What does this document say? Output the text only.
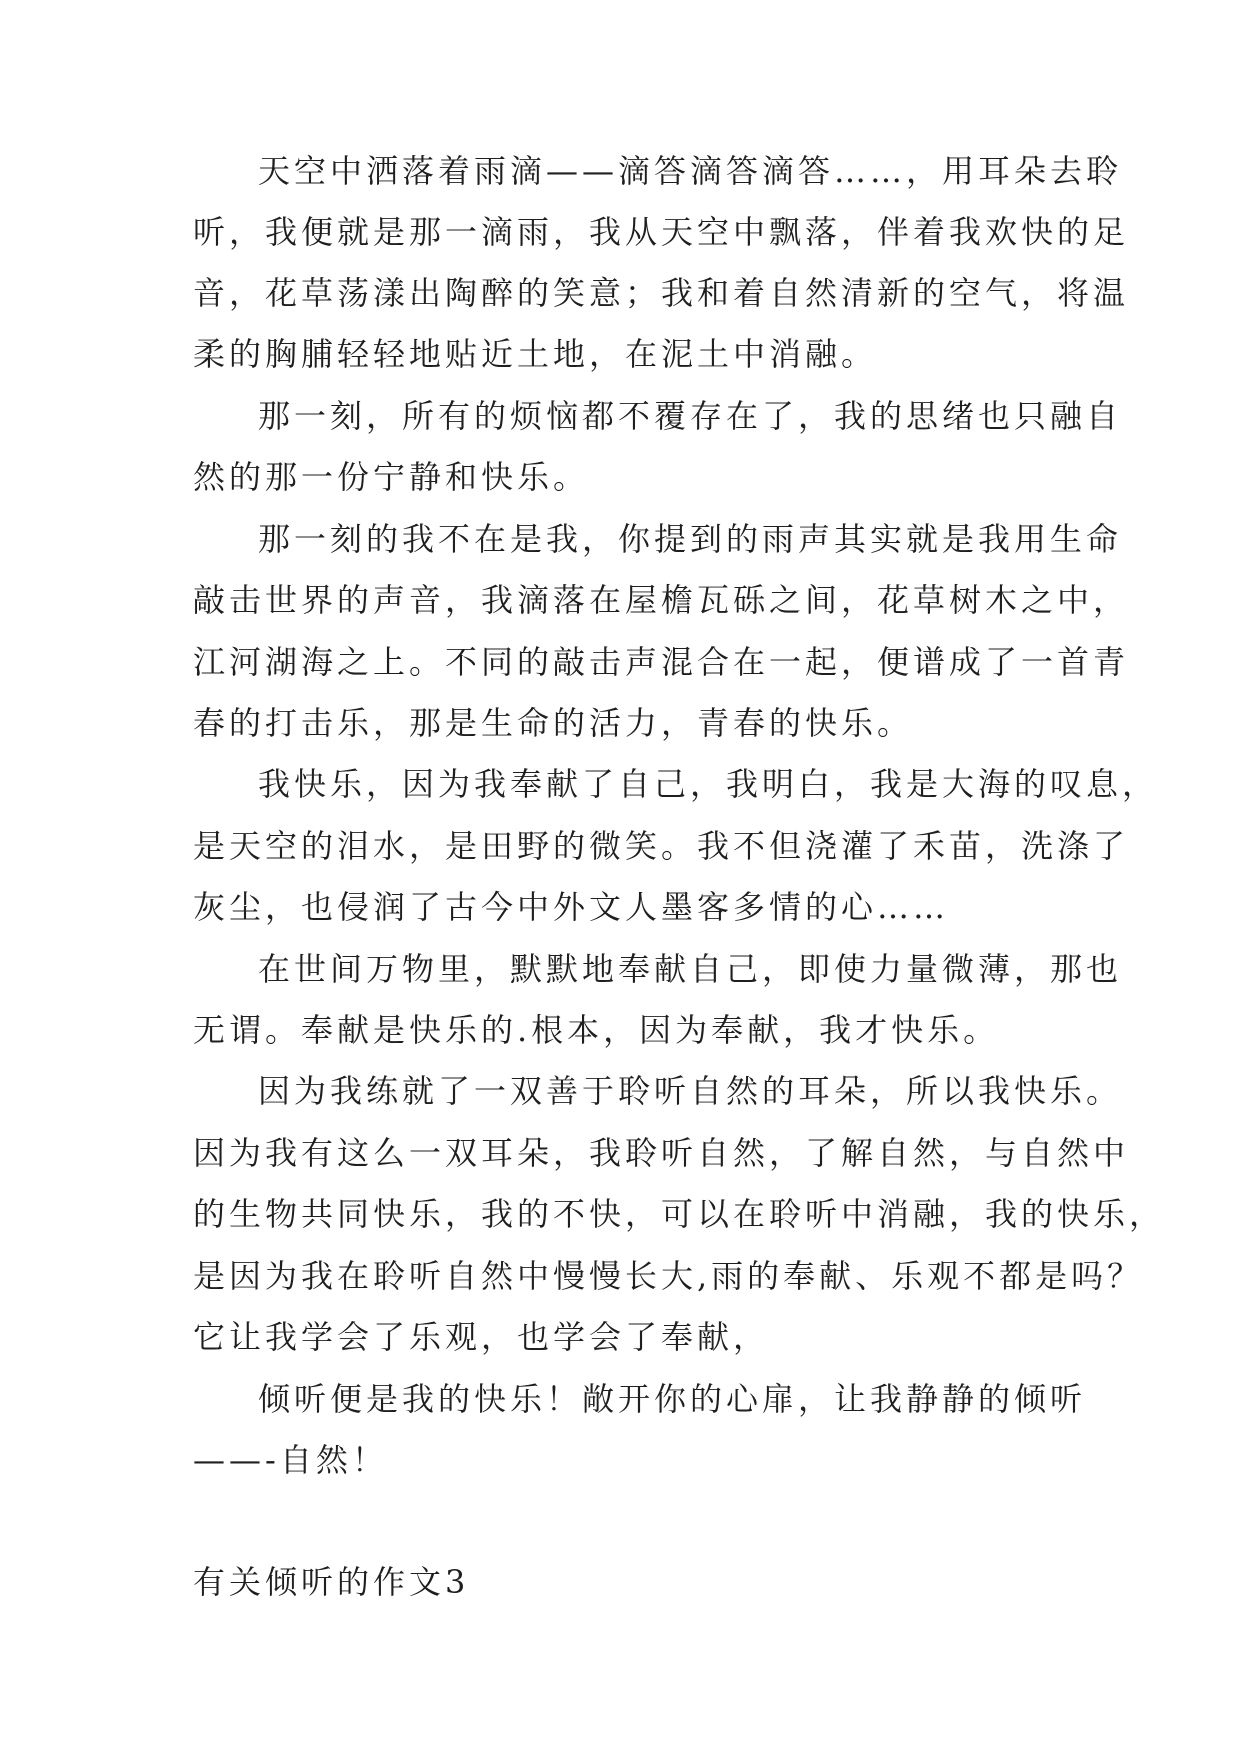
天空中洒落着雨滴——滴答滴答滴答……，用耳朵去聆
听，我便就是那一滴雨，我从天空中飘落，伴着我欢快的足
音，花草荡漾出陶醉的笑意；我和着自然清新的空气，将温
柔的胸脯轻轻地贴近土地，在泥土中消融。
那一刻，所有的烦恼都不覆存在了，我的思绪也只融自
然的那一份宁静和快乐。
那一刻的我不在是我，你提到的雨声其实就是我用生命
敲击世界的声音，我滴落在屋檐瓦砾之间，花草树木之中，
江河湖海之上。不同的敲击声混合在一起，便谱成了一首青
春的打击乐，那是生命的活力，青春的快乐。
我快乐，因为我奉献了自己，我明白，我是大海的叹息，
是天空的泪水，是田野的微笑。我不但浇灌了禾苗，洗涤了
灰尘，也侵润了古今中外文人墨客多情的心……
在世间万物里，默默地奉献自己，即使力量微薄，那也
无谓。奉献是快乐的.根本，因为奉献，我才快乐。
因为我练就了一双善于聆听自然的耳朵，所以我快乐。
因为我有这么一双耳朵，我聆听自然，了解自然，与自然中
的生物共同快乐，我的不快，可以在聆听中消融，我的快乐，
是因为我在聆听自然中慢慢长大,雨的奉献、乐观不都是吗？
它让我学会了乐观，也学会了奉献，
倾听便是我的快乐！敞开你的心扉，让我静静的倾听
——-自然！
有关倾听的作文3
